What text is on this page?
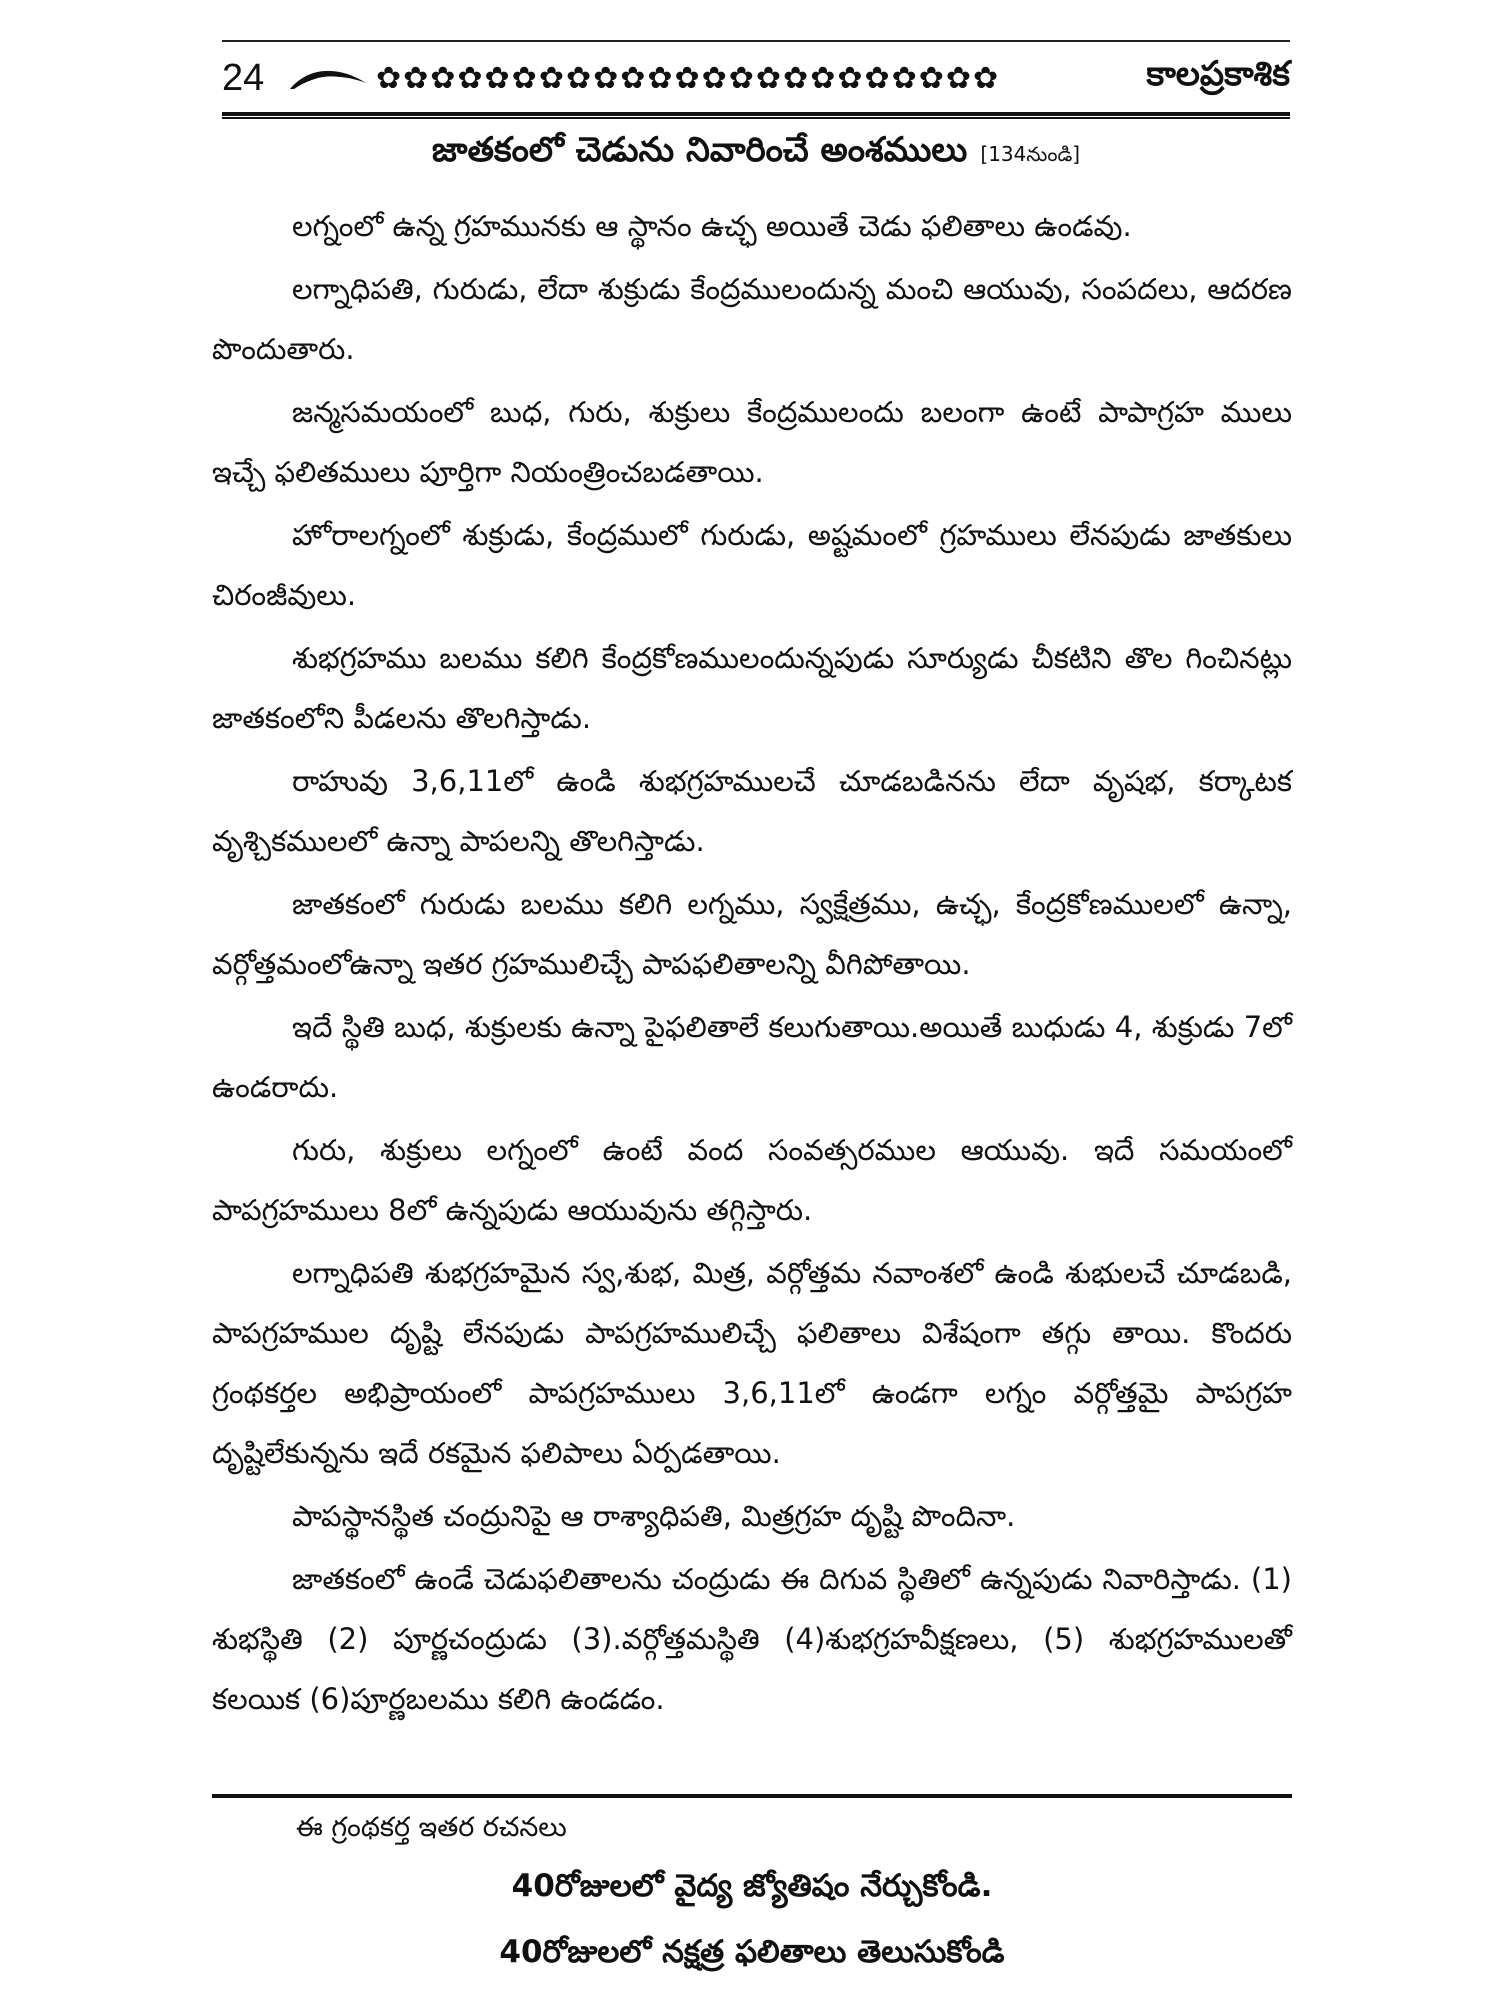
24	✿✿✿✿✿✿✿✿✿✿✿✿✿✿✿✿✿✿✿✿✿✿✿	కాలప్రకాశిక
జాతకంలో చెడును నివారించే అంశములు [134నుండి]

లగ్నంలో ఉన్న గ్రహమునకు ఆ స్థానం ఉచ్ఛ అయితే చెడు ఫలితాలు ఉండవు.

లగ్నాధిపతి, గురుడు, లేదా శుక్రుడు కేంద్రములందున్న మంచి ఆయువు, సంపదలు, ఆదరణ పొందుతారు.

జన్మసమయంలో బుధ, గురు, శుక్రులు కేంద్రములందు బలంగా ఉంటే పాపాగ్రహ ములు ఇచ్చే ఫలితములు పూర్తిగా నియంత్రించబడతాయి.

హోరాలగ్నంలో శుక్రుడు, కేంద్రములో గురుడు, అష్టమంలో గ్రహములు లేనపుడు జాతకులు చిరంజీవులు.

శుభగ్రహము బలము కలిగి కేంద్రకోణములందున్నపుడు సూర్యుడు చీకటిని తొల గించినట్లు జాతకంలోని పీడలను తొలగిస్తాడు.

రాహువు 3,6,11లో ఉండి శుభగ్రహములచే చూడబడినను లేదా వృషభ, కర్కాటక వృశ్చికములలో ఉన్నా పాపలన్ని తొలగిస్తాడు.

జాతకంలో గురుడు బలము కలిగి లగ్నము, స్వక్షేత్రము, ఉచ్ఛ, కేంద్రకోణములలో ఉన్నా, వర్గోత్తమంలోఉన్నా ఇతర గ్రహములిచ్చే పాపఫలితాలన్ని వీగిపోతాయి.

ఇదే స్థితి బుధ, శుక్రులకు ఉన్నా పైఫలితాలే కలుగుతాయి.అయితే బుధుడు 4, శుక్రుడు 7లో ఉండరాదు.

గురు, శుక్రులు లగ్నంలో ఉంటే వంద సంవత్సరముల ఆయువు. ఇదే సమయంలో పాపగ్రహములు 8లో ఉన్నపుడు ఆయువును తగ్గిస్తారు.

లగ్నాధిపతి శుభగ్రహమైన స్వ,శుభ, మిత్ర, వర్గోత్తమ నవాంశలో ఉండి శుభులచే చూడబడి, పాపగ్రహముల దృష్టి లేనపుడు పాపగ్రహములిచ్చే ఫలితాలు విశేషంగా తగ్గు తాయి. కొందరు గ్రంథకర్తల అభిప్రాయంలో పాపగ్రహములు 3,6,11లో ఉండగా లగ్నం వర్గోత్తమై పాపగ్రహ దృష్టిలేకున్నను ఇదే రకమైన ఫలిపాలు ఏర్పడతాయి.

పాపస్థానస్థిత చంద్రునిపై ఆ రాశ్యాధిపతి, మిత్రగ్రహ దృష్టి పొందినా.

జాతకంలో ఉండే చెడుఫలితాలను చంద్రుడు ఈ దిగువ స్థితిలో ఉన్నపుడు నివారిస్తాడు. (1) శుభస్థితి (2) పూర్ణచంద్రుడు (3).వర్గోత్తమస్థితి (4)శుభగ్రహవీక్షణలు, (5) శుభగ్రహములతో కలయిక (6)పూర్ణబలము కలిగి ఉండడం.

ఈ గ్రంథకర్త ఇతర రచనలు
40రోజులలో వైద్య జ్యోతిషం నేర్చుకోండి.
40రోజులలో నక్షత్ర ఫలితాలు తెలుసుకోండి
